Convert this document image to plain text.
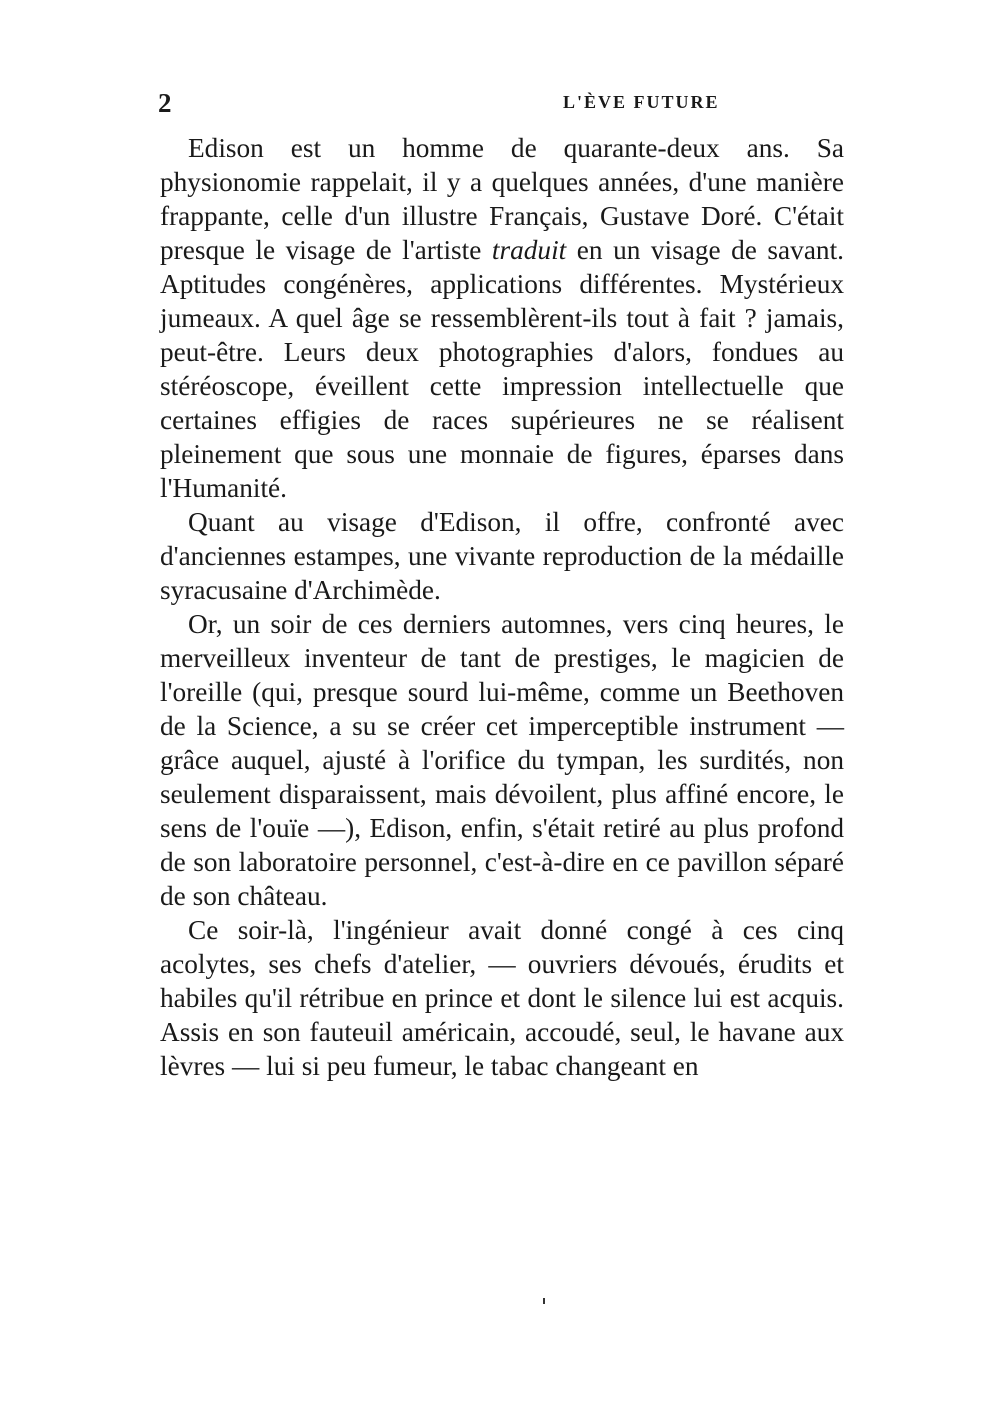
2	L'ÈVE FUTURE

Edison est un homme de quarante-deux ans. Sa physionomie rappelait, il y a quelques années, d'une manière frappante, celle d'un illustre Français, Gustave Doré. C'était presque le visage de l'artiste traduit en un visage de savant. Aptitudes congénères, applications différentes. Mystérieux jumeaux. A quel âge se ressemblèrent-ils tout à fait ? jamais, peut-être. Leurs deux photographies d'alors, fondues au stéréoscope, éveillent cette impression intellectuelle que certaines effigies de races supérieures ne se réalisent pleinement que sous une monnaie de figures, éparses dans l'Humanité.

Quant au visage d'Edison, il offre, confronté avec d'anciennes estampes, une vivante reproduction de la médaille syracusaine d'Archimède.

Or, un soir de ces derniers automnes, vers cinq heures, le merveilleux inventeur de tant de prestiges, le magicien de l'oreille (qui, presque sourd lui-même, comme un Beethoven de la Science, a su se créer cet imperceptible instrument — grâce auquel, ajusté à l'orifice du tympan, les surdités, non seulement disparaissent, mais dévoilent, plus affiné encore, le sens de l'ouïe —), Edison, enfin, s'était retiré au plus profond de son laboratoire personnel, c'est-à-dire en ce pavillon séparé de son château.

Ce soir-là, l'ingénieur avait donné congé à ces cinq acolytes, ses chefs d'atelier, — ouvriers dévoués, érudits et habiles qu'il rétribue en prince et dont le silence lui est acquis. Assis en son fauteuil américain, accoudé, seul, le havane aux lèvres — lui si peu fumeur, le tabac changeant en
